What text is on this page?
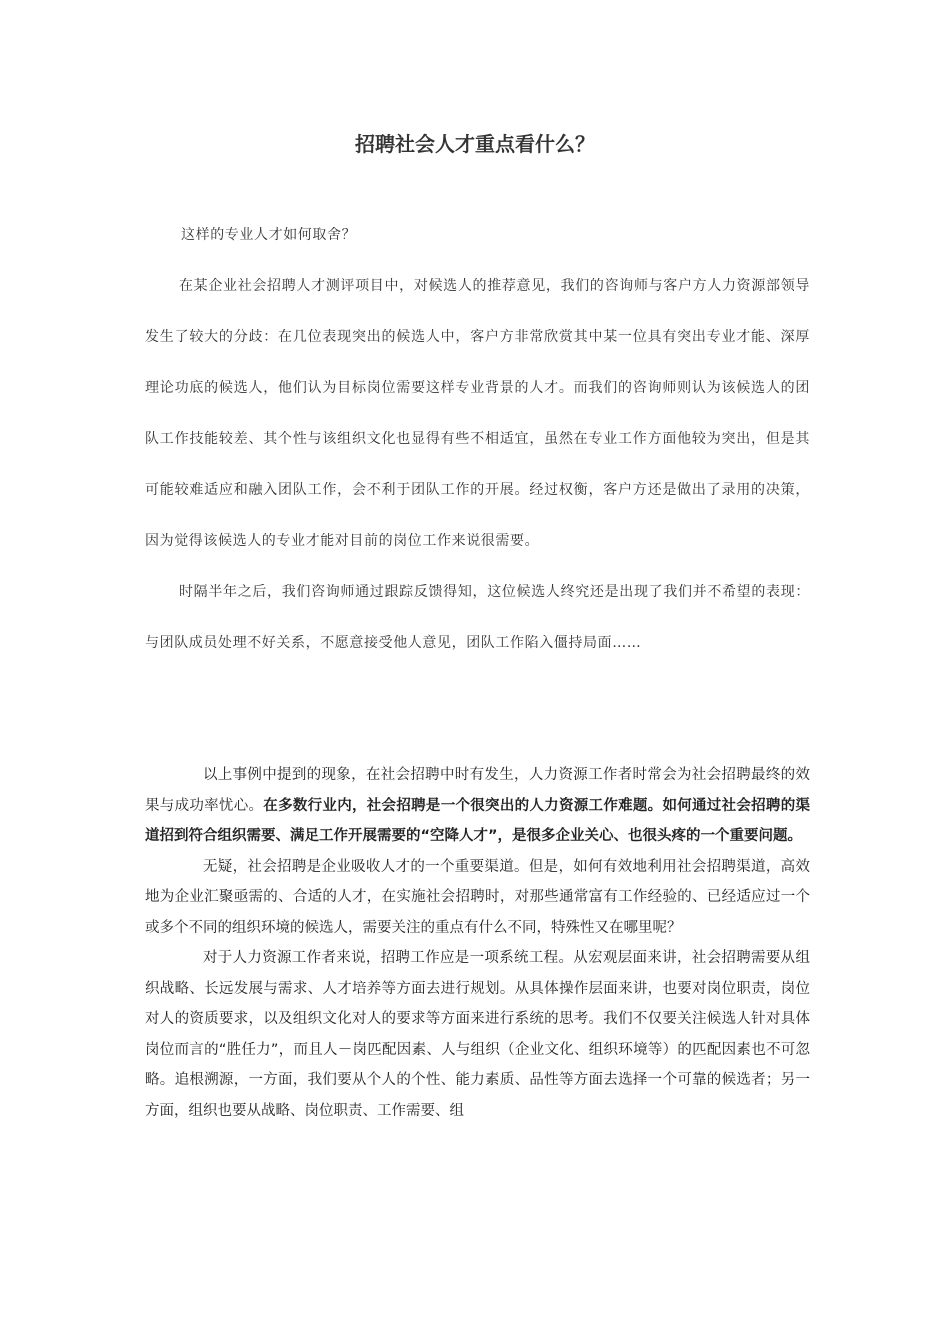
招聘社会人才重点看什么？

这样的专业人才如何取舍？

在某企业社会招聘人才测评项目中，对候选人的推荐意见，我们的咨询师与客户方人力资源部领导发生了较大的分歧：在几位表现突出的候选人中，客户方非常欣赏其中某一位具有突出专业才能、深厚理论功底的候选人，他们认为目标岗位需要这样专业背景的人才。而我们的咨询师则认为该候选人的团队工作技能较差、其个性与该组织文化也显得有些不相适宜，虽然在专业工作方面他较为突出，但是其可能较难适应和融入团队工作，会不利于团队工作的开展。经过权衡，客户方还是做出了录用的决策，因为觉得该候选人的专业才能对目前的岗位工作来说很需要。

时隔半年之后，我们咨询师通过跟踪反馈得知，这位候选人终究还是出现了我们并不希望的表现：与团队成员处理不好关系，不愿意接受他人意见，团队工作陷入僵持局面……

以上事例中提到的现象，在社会招聘中时有发生，人力资源工作者时常会为社会招聘最终的效果与成功率忧心。在多数行业内，社会招聘是一个很突出的人力资源工作难题。如何通过社会招聘的渠道招到符合组织需要、满足工作开展需要的“空降人才”，是很多企业关心、也很头疼的一个重要问题。

无疑，社会招聘是企业吸收人才的一个重要渠道。但是，如何有效地利用社会招聘渠道，高效地为企业汇聚亟需的、合适的人才，在实施社会招聘时，对那些通常富有工作经验的、已经适应过一个或多个不同的组织环境的候选人，需要关注的重点有什么不同，特殊性又在哪里呢？

对于人力资源工作者来说，招聘工作应是一项系统工程。从宏观层面来讲，社会招聘需要从组织战略、长远发展与需求、人才培养等方面去进行规划。从具体操作层面来讲，也要对岗位职责，岗位对人的资质要求，以及组织文化对人的要求等方面来进行系统的思考。我们不仅要关注候选人针对具体岗位而言的“胜任力”，而且人－岗匹配因素、人与组织（企业文化、组织环境等）的匹配因素也不可忽略。追根溯源，一方面，我们要从个人的个性、能力素质、品性等方面去选择一个可靠的候选者；另一方面，组织也要从战略、岗位职责、工作需要、组
